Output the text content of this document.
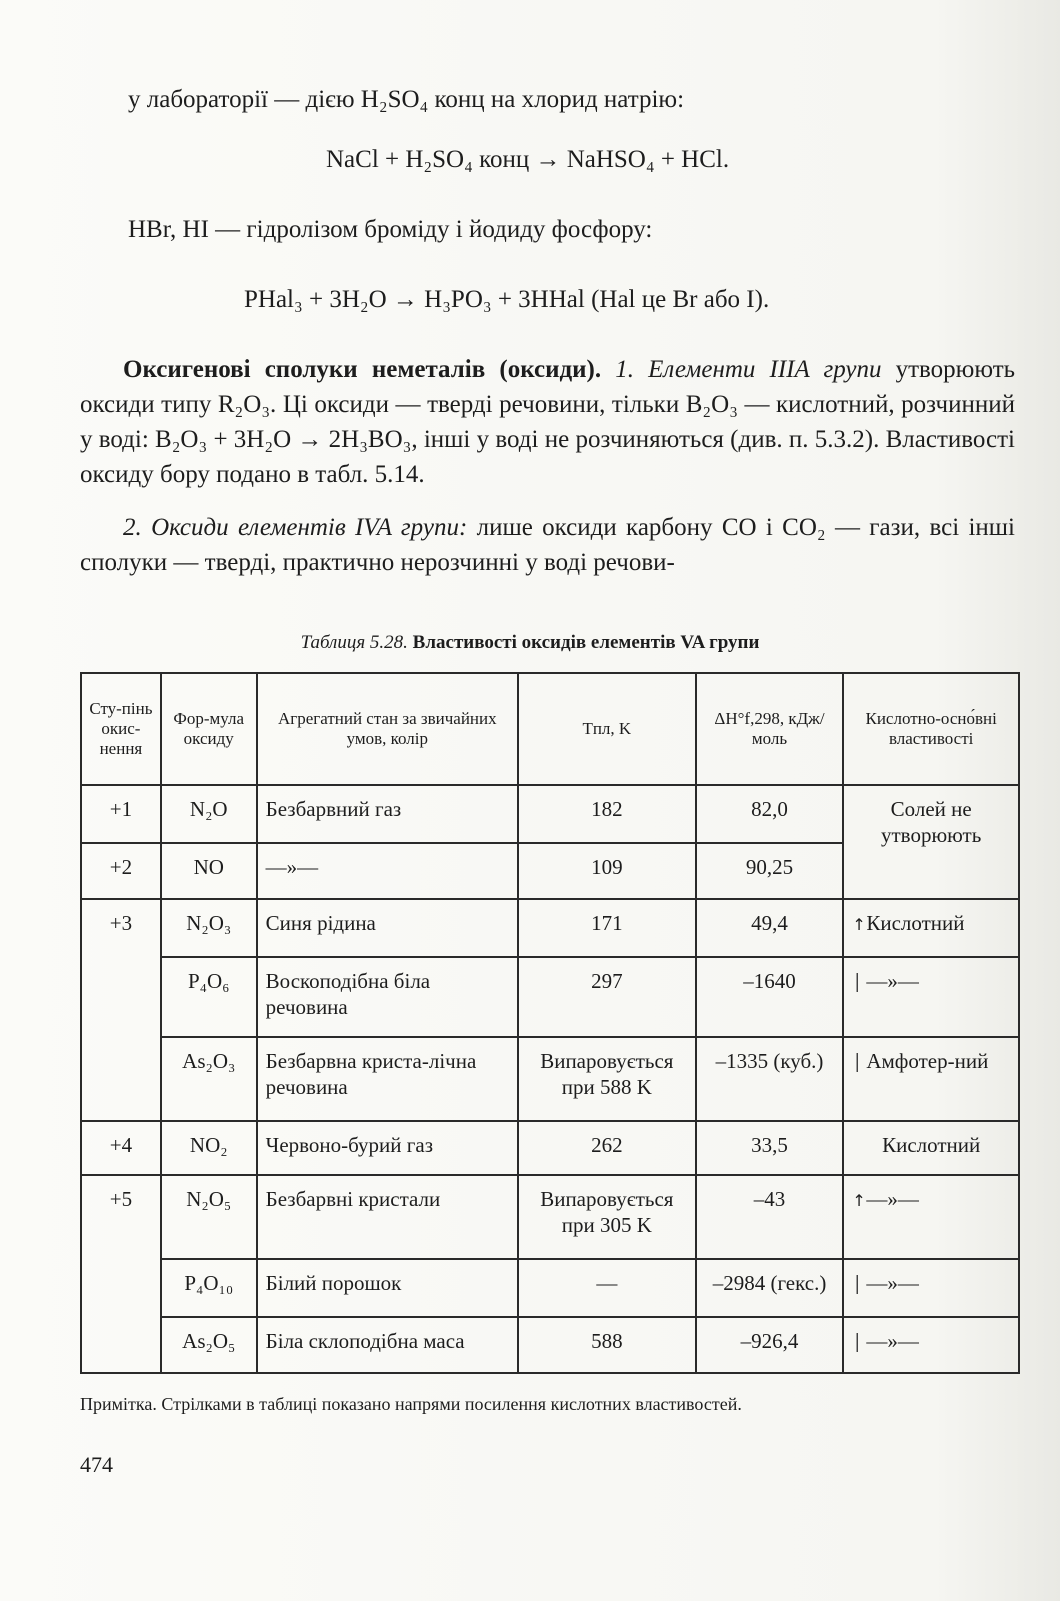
у лабораторії — дією H₂SO₄ конц на хлорид натрію:
NaCl + H₂SO₄ конц → NaHSO₄ + HCl.
HBr, HI — гідролізом броміду і йодиду фосфору:
PHal₃ + 3H₂O → H₃PO₃ + 3HHal (Hal це Br або I).
Оксигенові сполуки неметалів (оксиди). 1. Елементи IIIA групи утворюють оксиди типу R₂O₃. Ці оксиди — тверді речовини, тільки B₂O₃ — кислотний, розчинний у воді: B₂O₃ + 3H₂O → 2H₃BO₃, інші у воді не розчиняються (див. п. 5.3.2). Властивості оксиду бору подано в табл. 5.14.
2. Оксиди елементів IVA групи: лише оксиди карбону CO і CO₂ — гази, всі інші сполуки — тверді, практично нерозчинні у воді речови-
Таблиця 5.28. Властивості оксидів елементів VA групи
Сту-пінь окис-нення	Фор-мула оксиду	Агрегатний стан за звичайних умов, колір	Tпл, K	ΔH°f,298, кДж/моль	Кислотно-осно́вні властивості
+1	N₂O	Безбарвний газ	182	82,0	Солей не утворюють
+2	NO	—»—	109	90,25	
+3	N₂O₃	Синя рідина	171	49,4	↑Кислотний
	P₄O₆	Воскоподібна біла речовина	297	–1640	│ —»—
	As₂O₃	Безбарвна криста-лічна речовина	Випаровується при 588 K	–1335 (куб.)	│ Амфотер-ний
+4	NO₂	Червоно-бурий газ	262	33,5	Кислотний
+5	N₂O₅	Безбарвні кристали	Випаровується при 305 K	–43	↑—»—
	P₄O₁₀	Білий порошок	—	–2984 (гекс.)	│ —»—
	As₂O₅	Біла склоподібна маса	588	–926,4	│ —»—
Примітка. Стрілками в таблиці показано напрями посилення кислотних властивостей.
474
